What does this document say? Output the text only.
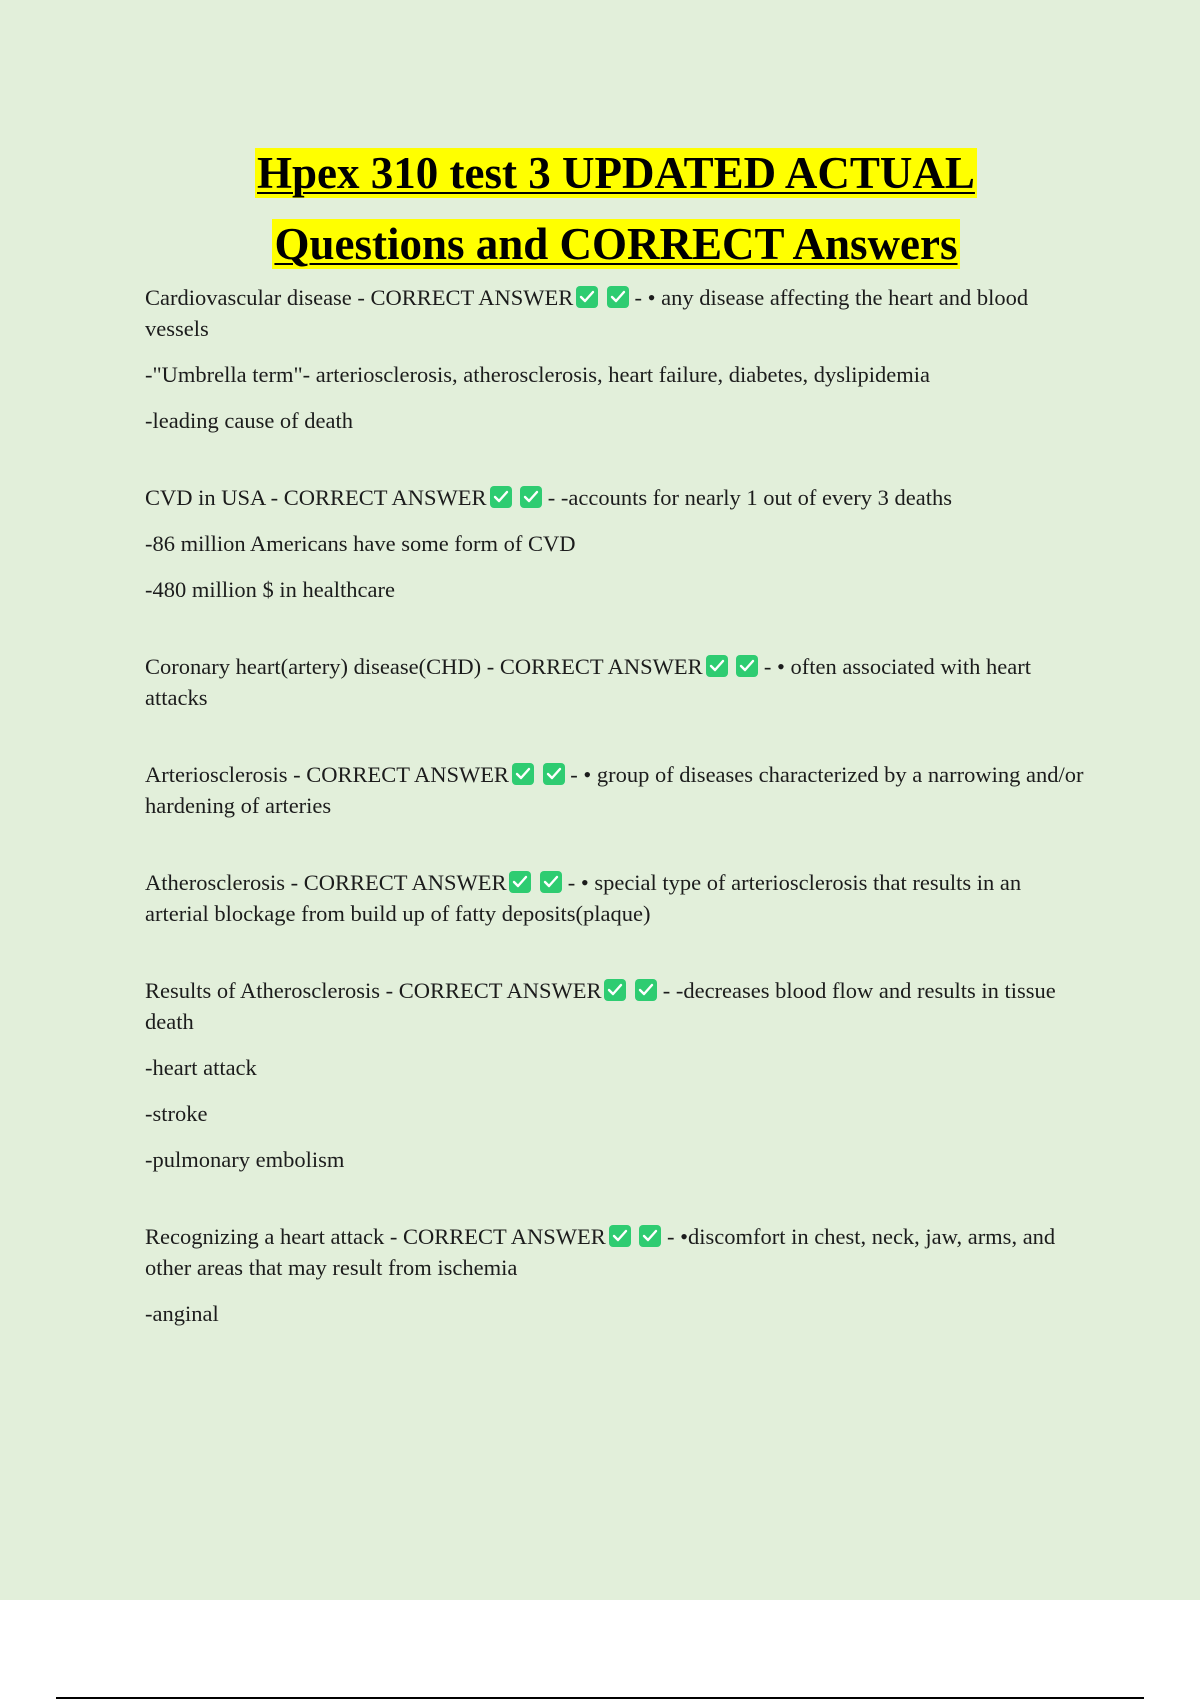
Hpex 310 test 3 UPDATED ACTUAL
Questions and CORRECT Answers

Cardiovascular disease - CORRECT ANSWER
	- • any disease affecting the heart and blood vessels

-"Umbrella term"- arteriosclerosis, atherosclerosis, heart failure, diabetes, dyslipidemia

-leading cause of death

CVD in USA - CORRECT ANSWER
	- -accounts for nearly 1 out of every 3 deaths

-86 million Americans have some form of CVD

-480 million $ in healthcare

Coronary heart(artery) disease(CHD) - CORRECT ANSWER
	- • often associated with heart attacks

Arteriosclerosis - CORRECT ANSWER
	- • group of diseases characterized by a narrowing and/or hardening of arteries

Atherosclerosis - CORRECT ANSWER
	- • special type of arteriosclerosis that results in an arterial blockage from build up of fatty deposits(plaque)

Results of Atherosclerosis - CORRECT ANSWER
	- -decreases blood flow and results in tissue death

-heart attack

-stroke

-pulmonary embolism

Recognizing a heart attack - CORRECT ANSWER
	- •discomfort in chest, neck, jaw, arms, and other areas that may result from ischemia

-anginal
